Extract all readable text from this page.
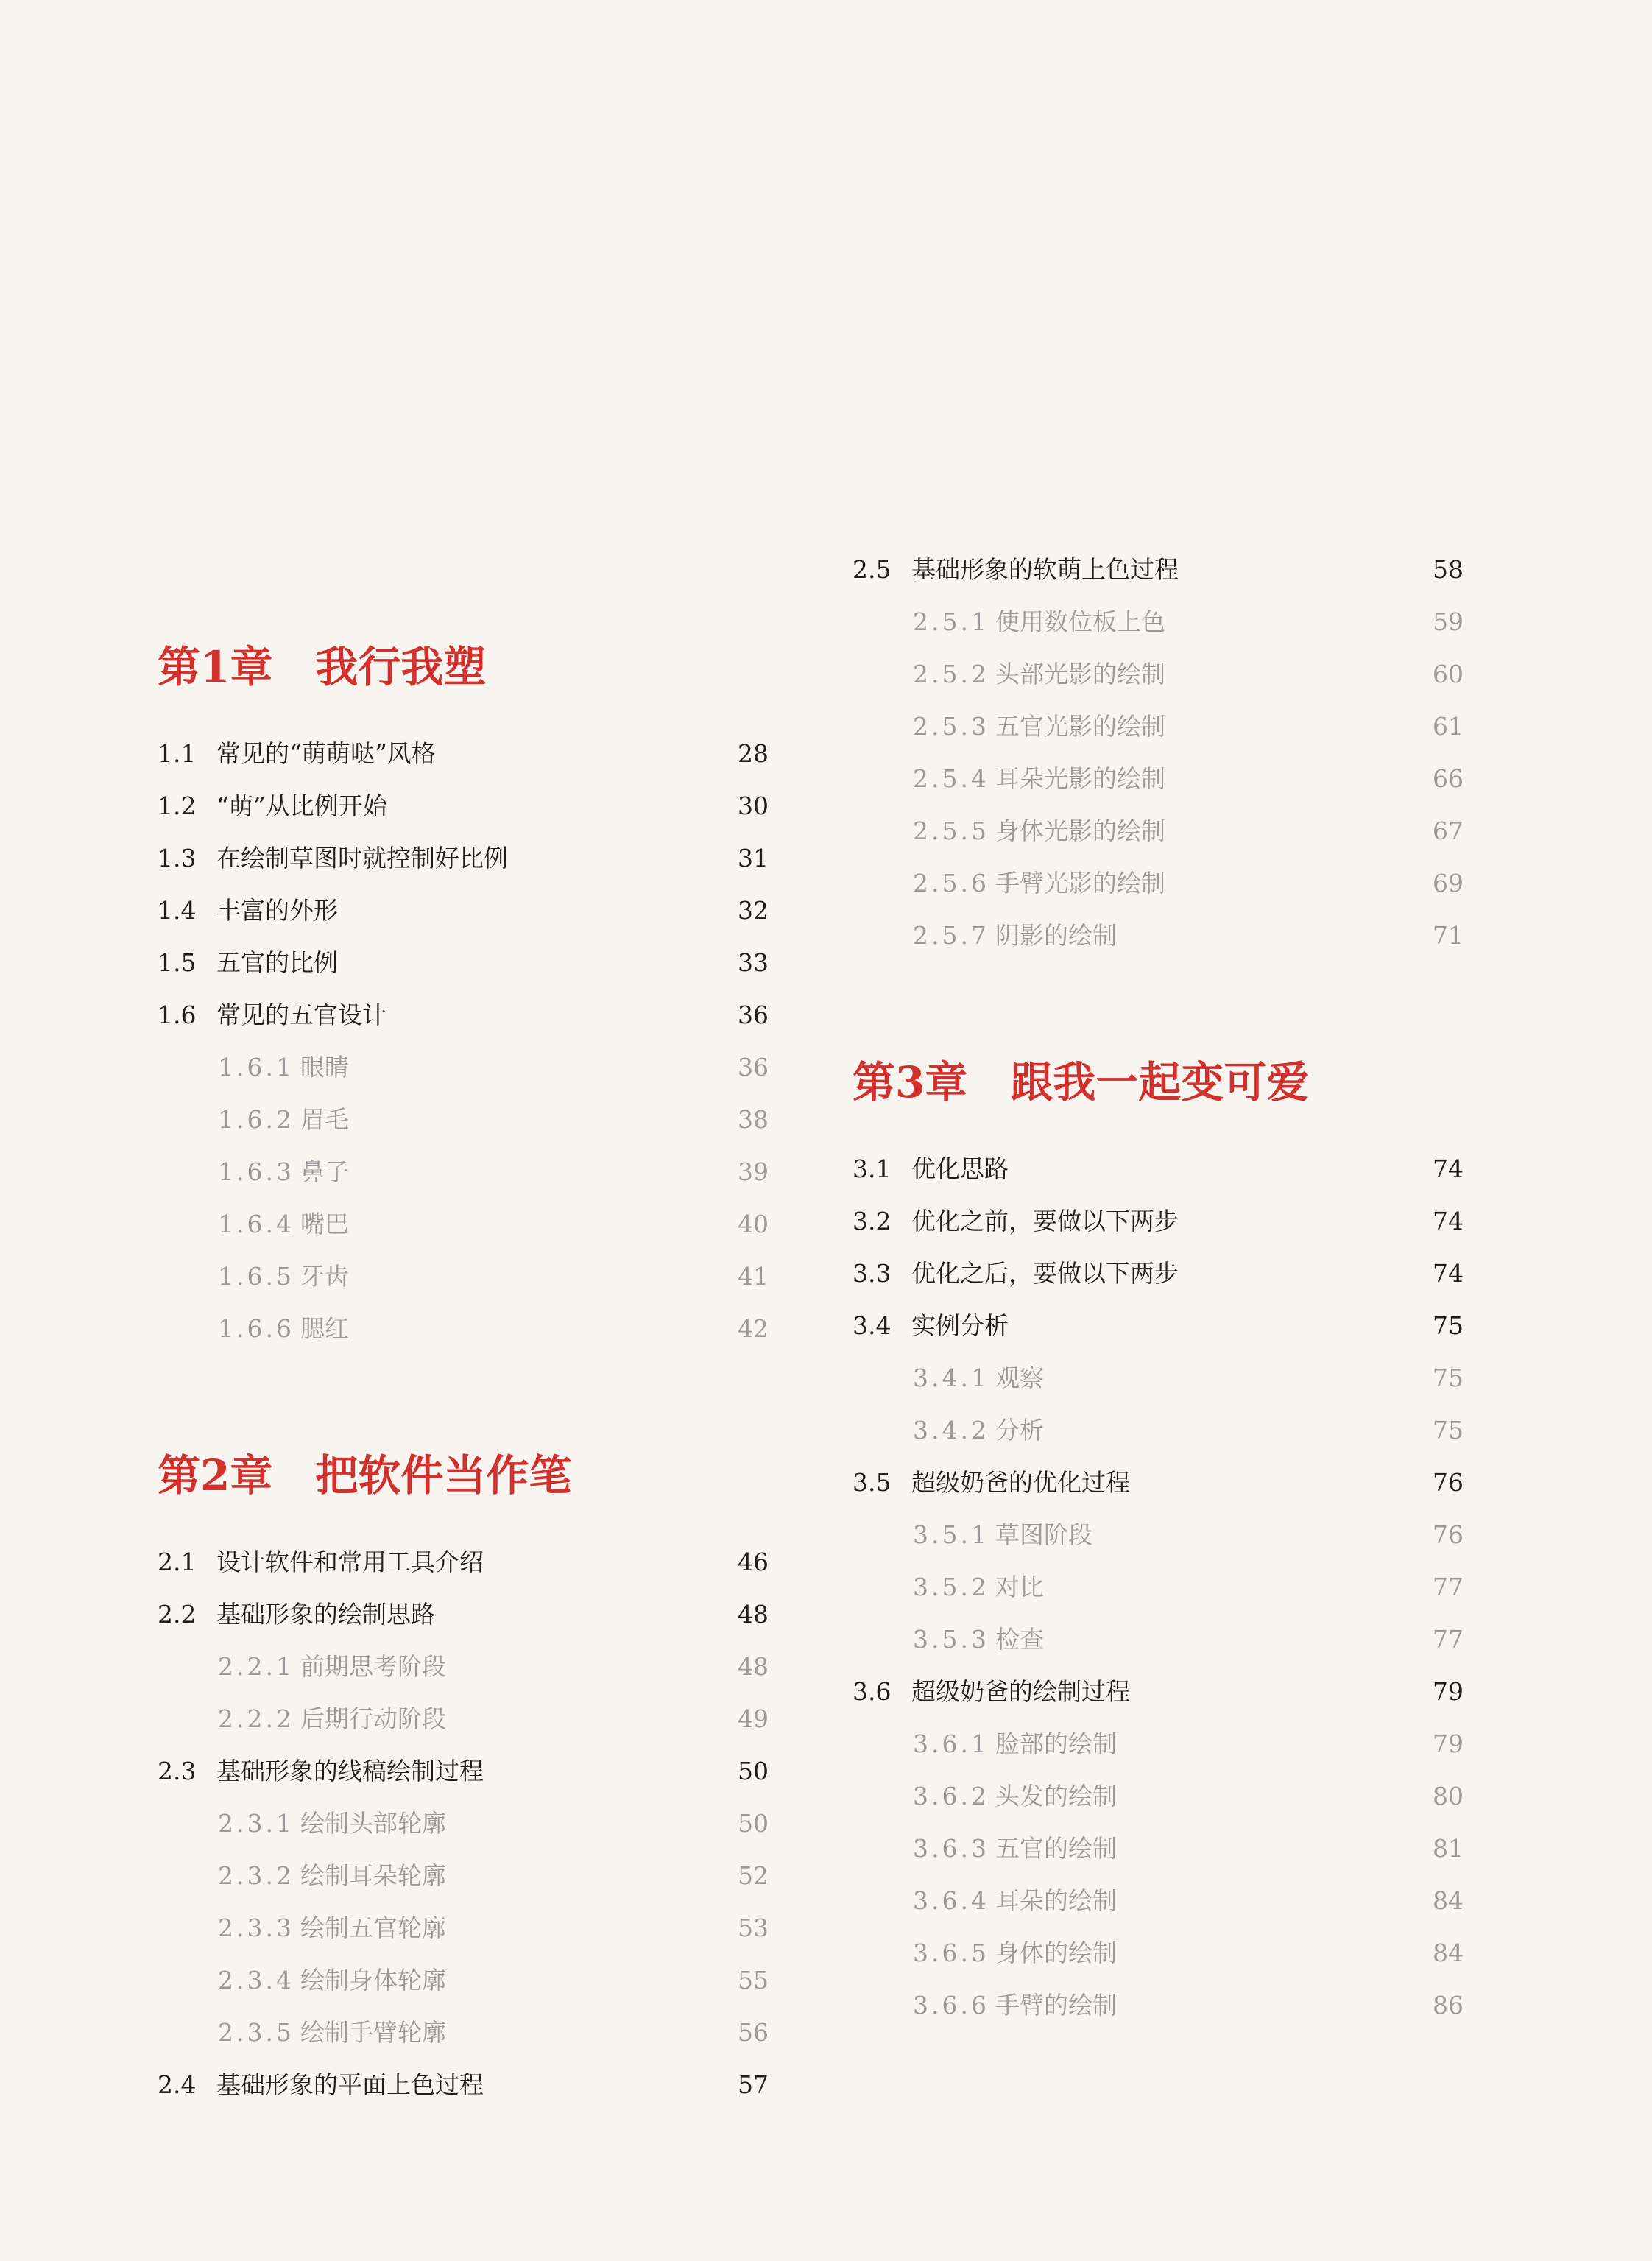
第1章 我行我塑
1.1 常见的“萌萌哒”风格	28
1.2 “萌”从比例开始	30
1.3 在绘制草图时就控制好比例	31
1.4 丰富的外形	32
1.5 五官的比例	33
1.6 常见的五官设计	36
1.6.1 眼睛	36
1.6.2 眉毛	38
1.6.3 鼻子	39
1.6.4 嘴巴	40
1.6.5 牙齿	41
1.6.6 腮红	42
第2章 把软件当作笔
2.1 设计软件和常用工具介绍	46
2.2 基础形象的绘制思路	48
2.2.1 前期思考阶段	48
2.2.2 后期行动阶段	49
2.3 基础形象的线稿绘制过程	50
2.3.1 绘制头部轮廓	50
2.3.2 绘制耳朵轮廓	52
2.3.3 绘制五官轮廓	53
2.3.4 绘制身体轮廓	55
2.3.5 绘制手臂轮廓	56
2.4 基础形象的平面上色过程	57
2.5 基础形象的软萌上色过程	58
2.5.1 使用数位板上色	59
2.5.2 头部光影的绘制	60
2.5.3 五官光影的绘制	61
2.5.4 耳朵光影的绘制	66
2.5.5 身体光影的绘制	67
2.5.6 手臂光影的绘制	69
2.5.7 阴影的绘制	71
第3章 跟我一起变可爱
3.1 优化思路	74
3.2 优化之前，要做以下两步	74
3.3 优化之后，要做以下两步	74
3.4 实例分析	75
3.4.1 观察	75
3.4.2 分析	75
3.5 超级奶爸的优化过程	76
3.5.1 草图阶段	76
3.5.2 对比	77
3.5.3 检查	77
3.6 超级奶爸的绘制过程	79
3.6.1 脸部的绘制	79
3.6.2 头发的绘制	80
3.6.3 五官的绘制	81
3.6.4 耳朵的绘制	84
3.6.5 身体的绘制	84
3.6.6 手臂的绘制	86
